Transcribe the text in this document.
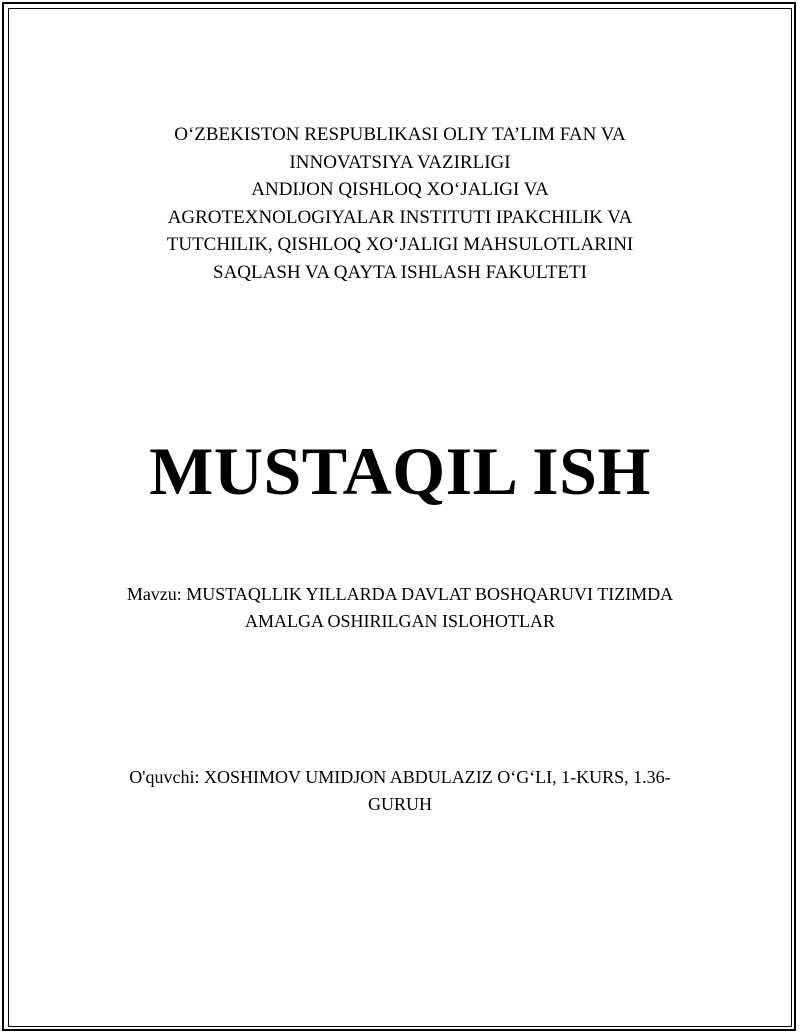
O‘ZBEKISTON RESPUBLIKASI OLIY TA’LIM FAN VA
INNOVATSIYA VAZIRLIGI
ANDIJON QISHLOQ XO‘JALIGI VA
AGROTEXNOLOGIYALAR INSTITUTI IPAKCHILIK VA
TUTCHILIK, QISHLOQ XO‘JALIGI MAHSULOTLARINI
SAQLASH VA QAYTA ISHLASH FAKULTETI
MUSTAQIL ISH
Mavzu: MUSTAQLLIK YILLARDA DAVLAT BOSHQARUVI TIZIMDA
AMALGA OSHIRILGAN ISLOHOTLAR
O'quvchi: XOSHIMOV UMIDJON ABDULAZIZ O‘G‘LI, 1-KURS, 1.36-
GURUH
